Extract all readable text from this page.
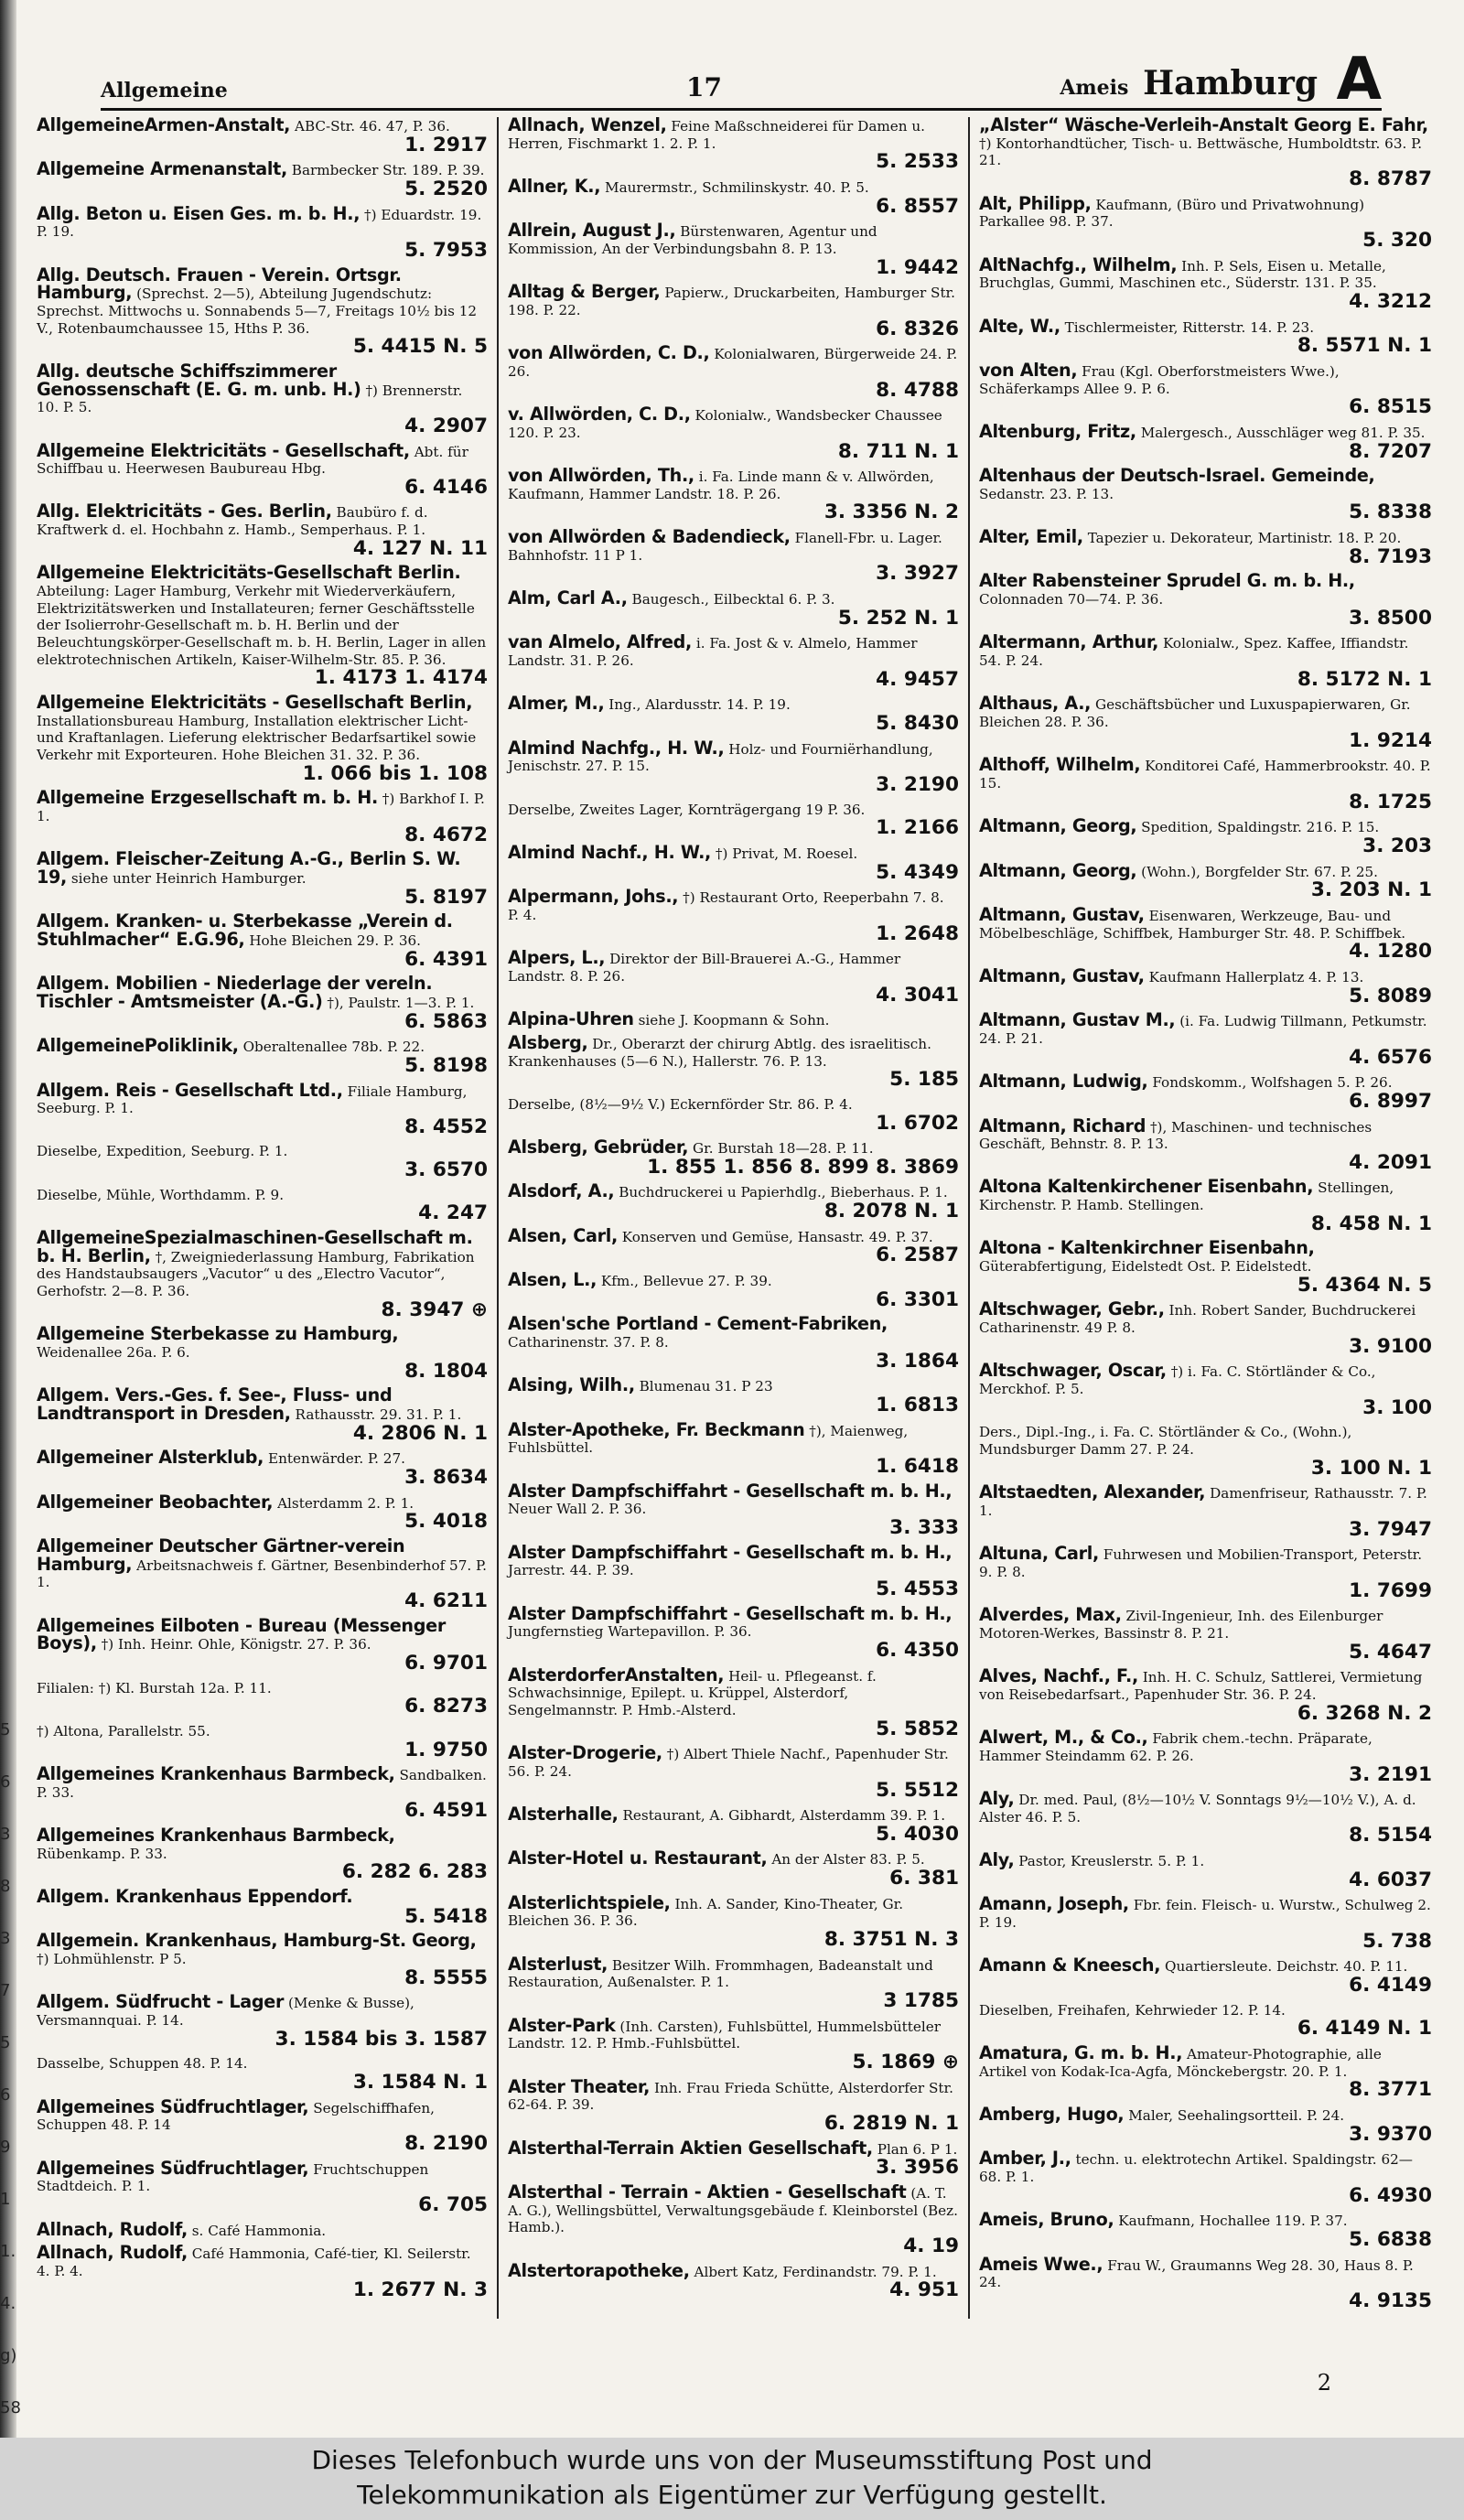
Allgemeine	17	Ameis Hamburg A
AllgemeineArmen-Anstalt, ABC-Str. 46. 47, P. 36.
1. 2917
Allgemeine Armenanstalt, Barmbecker Str. 189. P. 39.
5. 2520
Allg. Beton u. Eisen Ges. m. b. H., †) Eduardstr. 19. P. 19.
5. 7953
Allg. Deutsch. Frauen - Verein. Ortsgr. Hamburg, (Sprechst. 2—5), Abteilung Jugendschutz: Sprechst. Mittwochs u. Sonnabends 5—7, Freitags 10½ bis 12 V., Rotenbaumchaussee 15, Hths P. 36.
5. 4415 N. 5
Allg. deutsche Schiffszimmerer Genossenschaft (E. G. m. unb. H.) †) Brennerstr. 10. P. 5.
4. 2907
Allgemeine Elektricitäts - Gesellschaft, Abt. für Schiffbau u. Heerwesen Baubureau Hbg.
6. 4146
Allg. Elektricitäts - Ges. Berlin, Baubüro f. d. Kraftwerk d. el. Hochbahn z. Hamb., Semperhaus. P. 1.
4. 127 N. 11
Allgemeine Elektricitäts-Gesellschaft Berlin. Abteilung: Lager Hamburg, Verkehr mit Wiederverkäufern, Elektrizitätswerken und Installateuren; ferner Geschäftsstelle der Isolierrohr-Gesellschaft m. b. H. Berlin und der Beleuchtungskörper-Gesellschaft m. b. H. Berlin, Lager in allen elektrotechnischen Artikeln, Kaiser-Wilhelm-Str. 85. P. 36.
1. 4173 1. 4174
Allgemeine Elektricitäts - Gesellschaft Berlin, Installationsbureau Hamburg, Installation elektrischer Licht- und Kraftanlagen. Lieferung elektrischer Bedarfsartikel sowie Verkehr mit Exporteuren. Hohe Bleichen 31. 32. P. 36.
1. 066 bis 1. 108
Allgemeine Erzgesellschaft m. b. H. †) Barkhof I. P. 1.
8. 4672
Allgem. Fleischer-Zeitung A.-G., Berlin S. W. 19, siehe unter Heinrich Hamburger.
5. 8197
Allgem. Kranken- u. Sterbekasse „Verein d. Stuhlmacher“ E.G.96, Hohe Bleichen 29. P. 36.
6. 4391
Allgem. Mobilien - Niederlage der vereln. Tischler - Amtsmeister (A.-G.) †), Paulstr. 1—3. P. 1.
6. 5863
AllgemeinePoliklinik, Oberaltenallee 78b. P. 22.
5. 8198
Allgem. Reis - Gesellschaft Ltd., Filiale Hamburg, Seeburg. P. 1.
8. 4552
Dieselbe, Expedition, Seeburg. P. 1.
3. 6570
Dieselbe, Mühle, Worthdamm. P. 9.
4. 247
AllgemeineSpezialmaschinen-Gesellschaft m. b. H. Berlin, †, Zweigniederlassung Hamburg, Fabrikation des Handstaubsaugers „Vacutor“ u des „Electro Vacutor“, Gerhofstr. 2—8. P. 36.
8. 3947 ⊕
Allgemeine Sterbekasse zu Hamburg, Weidenallee 26a. P. 6.
8. 1804
Allgem. Vers.-Ges. f. See-, Fluss- und Landtransport in Dresden, Rathausstr. 29. 31. P. 1.
4. 2806 N. 1
Allgemeiner Alsterklub, Entenwärder. P. 27.
3. 8634
Allgemeiner Beobachter, Alsterdamm 2. P. 1.
5. 4018
Allgemeiner Deutscher Gärtner-verein Hamburg, Arbeitsnachweis f. Gärtner, Besenbinderhof 57. P. 1.
4. 6211
Allgemeines Eilboten - Bureau (Messenger Boys), †) Inh. Heinr. Ohle, Königstr. 27. P. 36.
6. 9701
Filialen: †) Kl. Burstah 12a. P. 11.
6. 8273
†) Altona, Parallelstr. 55.
1. 9750
Allgemeines Krankenhaus Barmbeck, Sandbalken. P. 33.
6. 4591
Allgemeines Krankenhaus Barmbeck, Rübenkamp. P. 33.
6. 282 6. 283
Allgem. Krankenhaus Eppendorf.
5. 5418
Allgemein. Krankenhaus, Hamburg-St. Georg, †) Lohmühlenstr. P 5.
8. 5555
Allgem. Südfrucht - Lager (Menke & Busse), Versmannquai. P. 14.
3. 1584 bis 3. 1587
Dasselbe, Schuppen 48. P. 14.
3. 1584 N. 1
Allgemeines Südfruchtlager, Segelschiffhafen, Schuppen 48. P. 14
8. 2190
Allgemeines Südfruchtlager, Fruchtschuppen Stadtdeich. P. 1.
6. 705
Allnach, Rudolf, s. Café Hammonia.
Allnach, Rudolf, Café Hammonia, Café-tier, Kl. Seilerstr. 4. P. 4.
1. 2677 N. 3
Allnach, Wenzel, Feine Maßschneiderei für Damen u. Herren, Fischmarkt 1. 2. P. 1.
5. 2533
Allner, K., Maurermstr., Schmilinskystr. 40. P. 5.
6. 8557
Allrein, August J., Bürstenwaren, Agentur und Kommission, An der Verbindungsbahn 8. P. 13.
1. 9442
Alltag & Berger, Papierw., Druckarbeiten, Hamburger Str. 198. P. 22.
6. 8326
von Allwörden, C. D., Kolonialwaren, Bürgerweide 24. P. 26.
8. 4788
v. Allwörden, C. D., Kolonialw., Wandsbecker Chaussee 120. P. 23.
8. 711 N. 1
von Allwörden, Th., i. Fa. Linde mann & v. Allwörden, Kaufmann, Hammer Landstr. 18. P. 26.
3. 3356 N. 2
von Allwörden & Badendieck, Flanell-Fbr. u. Lager. Bahnhofstr. 11 P 1.
3. 3927
Alm, Carl A., Baugesch., Eilbecktal 6. P. 3.
5. 252 N. 1
van Almelo, Alfred, i. Fa. Jost & v. Almelo, Hammer Landstr. 31. P. 26.
4. 9457
Almer, M., Ing., Alardusstr. 14. P. 19.
5. 8430
Almind Nachfg., H. W., Holz- und Fourniërhandlung, Jenischstr. 27. P. 15.
3. 2190
Derselbe, Zweites Lager, Kornträgergang 19 P. 36.
1. 2166
Almind Nachf., H. W., †) Privat, M. Roesel.
5. 4349
Alpermann, Johs., †) Restaurant Orto, Reeperbahn 7. 8. P. 4.
1. 2648
Alpers, L., Direktor der Bill-Brauerei A.-G., Hammer Landstr. 8. P. 26.
4. 3041
Alpina-Uhren siehe J. Koopmann & Sohn.
Alsberg, Dr., Oberarzt der chirurg Abtlg. des israelitisch. Krankenhauses (5—6 N.), Hallerstr. 76. P. 13.
5. 185
Derselbe, (8½—9½ V.) Eckernförder Str. 86. P. 4.
1. 6702
Alsberg, Gebrüder, Gr. Burstah 18—28. P. 11.
1. 855 1. 856 8. 899 8. 3869
Alsdorf, A., Buchdruckerei u Papierhdlg., Bieberhaus. P. 1.
8. 2078 N. 1
Alsen, Carl, Konserven und Gemüse, Hansastr. 49. P. 37.
6. 2587
Alsen, L., Kfm., Bellevue 27. P. 39.
6. 3301
Alsen'sche Portland - Cement-Fabriken, Catharinenstr. 37. P. 8.
3. 1864
Alsing, Wilh., Blumenau 31. P 23
1. 6813
Alster-Apotheke, Fr. Beckmann †), Maienweg, Fuhlsbüttel.
1. 6418
Alster Dampfschiffahrt - Gesellschaft m. b. H., Neuer Wall 2. P. 36.
3. 333
Alster Dampfschiffahrt - Gesellschaft m. b. H., Jarrestr. 44. P. 39.
5. 4553
Alster Dampfschiffahrt - Gesellschaft m. b. H., Jungfernstieg Wartepavillon. P. 36.
6. 4350
AlsterdorferAnstalten, Heil- u. Pflegeanst. f. Schwachsinnige, Epilept. u. Krüppel, Alsterdorf, Sengelmannstr. P. Hmb.-Alsterd.
5. 5852
Alster-Drogerie, †) Albert Thiele Nachf., Papenhuder Str. 56. P. 24.
5. 5512
Alsterhalle, Restaurant, A. Gibhardt, Alsterdamm 39. P. 1.
5. 4030
Alster-Hotel u. Restaurant, An der Alster 83. P. 5.
6. 381
Alsterlichtspiele, Inh. A. Sander, Kino-Theater, Gr. Bleichen 36. P. 36.
8. 3751 N. 3
Alsterlust, Besitzer Wilh. Frommhagen, Badeanstalt und Restauration, Außenalster. P. 1.
3 1785
Alster-Park (Inh. Carsten), Fuhlsbüttel, Hummelsbütteler Landstr. 12. P. Hmb.-Fuhlsbüttel.
5. 1869 ⊕
Alster Theater, Inh. Frau Frieda Schütte, Alsterdorfer Str. 62-64. P. 39.
6. 2819 N. 1
Alsterthal-Terrain Aktien Gesellschaft, Plan 6. P 1.
3. 3956
Alsterthal - Terrain - Aktien - Gesellschaft (A. T. A. G.), Wellingsbüttel, Verwaltungsgebäude f. Kleinborstel (Bez. Hamb.).
4. 19
Alstertorapotheke, Albert Katz, Ferdinandstr. 79. P. 1.
4. 951
„Alster“ Wäsche-Verleih-Anstalt Georg E. Fahr, †) Kontorhandtücher, Tisch- u. Bettwäsche, Humboldtstr. 63. P. 21.
8. 8787
Alt, Philipp, Kaufmann, (Büro und Privatwohnung) Parkallee 98. P. 37.
5. 320
AltNachfg., Wilhelm, Inh. P. Sels, Eisen u. Metalle, Bruchglas, Gummi, Maschinen etc., Süderstr. 131. P. 35.
4. 3212
Alte, W., Tischlermeister, Ritterstr. 14. P. 23.
8. 5571 N. 1
von Alten, Frau (Kgl. Oberforstmeisters Wwe.), Schäferkamps Allee 9. P. 6.
6. 8515
Altenburg, Fritz, Malergesch., Ausschläger weg 81. P. 35.
8. 7207
Altenhaus der Deutsch-Israel. Gemeinde, Sedanstr. 23. P. 13.
5. 8338
Alter, Emil, Tapezier u. Dekorateur, Martinistr. 18. P. 20.
8. 7193
Alter Rabensteiner Sprudel G. m. b. H., Colonnaden 70—74. P. 36.
3. 8500
Altermann, Arthur, Kolonialw., Spez. Kaffee, Iffiandstr. 54. P. 24.
8. 5172 N. 1
Althaus, A., Geschäftsbücher und Luxuspapierwaren, Gr. Bleichen 28. P. 36.
1. 9214
Althoff, Wilhelm, Konditorei Café, Hammerbrookstr. 40. P. 15.
8. 1725
Altmann, Georg, Spedition, Spaldingstr. 216. P. 15.
3. 203
Altmann, Georg, (Wohn.), Borgfelder Str. 67. P. 25.
3. 203 N. 1
Altmann, Gustav, Eisenwaren, Werkzeuge, Bau- und Möbelbeschläge, Schiffbek, Hamburger Str. 48. P. Schiffbek.
4. 1280
Altmann, Gustav, Kaufmann Hallerplatz 4. P. 13.
5. 8089
Altmann, Gustav M., (i. Fa. Ludwig Tillmann, Petkumstr. 24. P. 21.
4. 6576
Altmann, Ludwig, Fondskomm., Wolfshagen 5. P. 26.
6. 8997
Altmann, Richard †), Maschinen- und technisches Geschäft, Behnstr. 8. P. 13.
4. 2091
Altona Kaltenkirchener Eisenbahn, Stellingen, Kirchenstr. P. Hamb. Stellingen.
8. 458 N. 1
Altona - Kaltenkirchner Eisenbahn, Güterabfertigung, Eidelstedt Ost. P. Eidelstedt.
5. 4364 N. 5
Altschwager, Gebr., Inh. Robert Sander, Buchdruckerei Catharinenstr. 49 P. 8.
3. 9100
Altschwager, Oscar, †) i. Fa. C. Störtländer & Co., Merckhof. P. 5.
3. 100
Ders., Dipl.-Ing., i. Fa. C. Störtländer & Co., (Wohn.), Mundsburger Damm 27. P. 24.
3. 100 N. 1
Altstaedten, Alexander, Damenfriseur, Rathausstr. 7. P. 1.
3. 7947
Altuna, Carl, Fuhrwesen und Mobilien-Transport, Peterstr. 9. P. 8.
1. 7699
Alverdes, Max, Zivil-Ingenieur, Inh. des Eilenburger Motoren-Werkes, Bassinstr 8. P. 21.
5. 4647
Alves, Nachf., F., Inh. H. C. Schulz, Sattlerei, Vermietung von Reisebedarfsart., Papenhuder Str. 36. P. 24.
6. 3268 N. 2
Alwert, M., & Co., Fabrik chem.-techn. Präparate, Hammer Steindamm 62. P. 26.
3. 2191
Aly, Dr. med. Paul, (8½—10½ V. Sonntags 9½—10½ V.), A. d. Alster 46. P. 5.
8. 5154
Aly, Pastor, Kreuslerstr. 5. P. 1.
4. 6037
Amann, Joseph, Fbr. fein. Fleisch- u. Wurstw., Schulweg 2. P. 19.
5. 738
Amann & Kneesch, Quartiersleute. Deichstr. 40. P. 11.
6. 4149
Dieselben, Freihafen, Kehrwieder 12. P. 14.
6. 4149 N. 1
Amatura, G. m. b. H., Amateur-Photographie, alle Artikel von Kodak-Ica-Agfa, Mönckebergstr. 20. P. 1.
8. 3771
Amberg, Hugo, Maler, Seehalingsortteil. P. 24.
3. 9370
Amber, J., techn. u. elektrotechn Artikel. Spaldingstr. 62—68. P. 1.
6. 4930
Ameis, Bruno, Kaufmann, Hochallee 119. P. 37.
5. 6838
Ameis Wwe., Frau W., Graumanns Weg 28. 30, Haus 8. P. 24.
4. 9135
5
6
3
8
3
7
5
6
9
1
1.
4.
g)
58
2
Dieses Telefonbuch wurde uns von der Museumsstiftung Post und
Telekommunikation als Eigentümer zur Verfügung gestellt.
